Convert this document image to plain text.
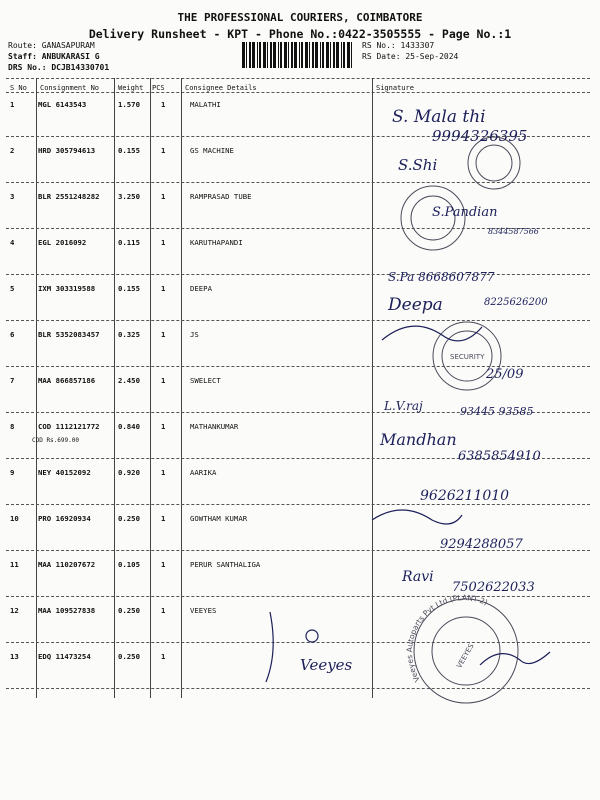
THE PROFESSIONAL COURIERS, COIMBATORE
Delivery Runsheet - KPT - Phone No.:0422-3505555 - Page No.:1
Route: GANASAPURAM
Staff: ANBUKARASI G
DRS No.: DCJB14330701
RS No.: 1433307
RS Date: 25-Sep-2024
S No Consignment No	Weight PCS	Consignee Details	Signature
1	MGL 6143543	1.570	1	MALATHI
2	HRD 305794613	0.155	1	GS MACHINE
3	BLR 2551248282	3.250	1	RAMPRASAD TUBE
4	EGL 2016092	0.115	1	KARUTHAPANDI
5	IXM 303319588	0.155	1	DEEPA
6	BLR 5352083457	0.325	1	JS
7	MAA 866857186	2.450	1	SWELECT
8	COD 1112121772	0.840	1	MATHANKUMAR
COD Rs.699.00
9	NEY 40152092	0.920	1	AARIKA
10	PRO 16920934	0.250	1	GOWTHAM KUMAR
11	MAA 110207672	0.105	1	PERUR SANTHALIGA
12	MAA 109527838	0.250	1	VEEYES
13	EDQ 11473254	0.250	1
SECURITY
VEEYES
Veeyes Autoparts Pvt Ltd (PLANT-2)
S. Mala thi
9994326395
S.Shi
S.Pandian
8344587566
S.Pa 8668607877
Deepa	8225626200
25/09
L.V.raj	93445 93585
Mandhan
6385854910
9626211010
9294288057
Ravi
7502622033
Veeyes
